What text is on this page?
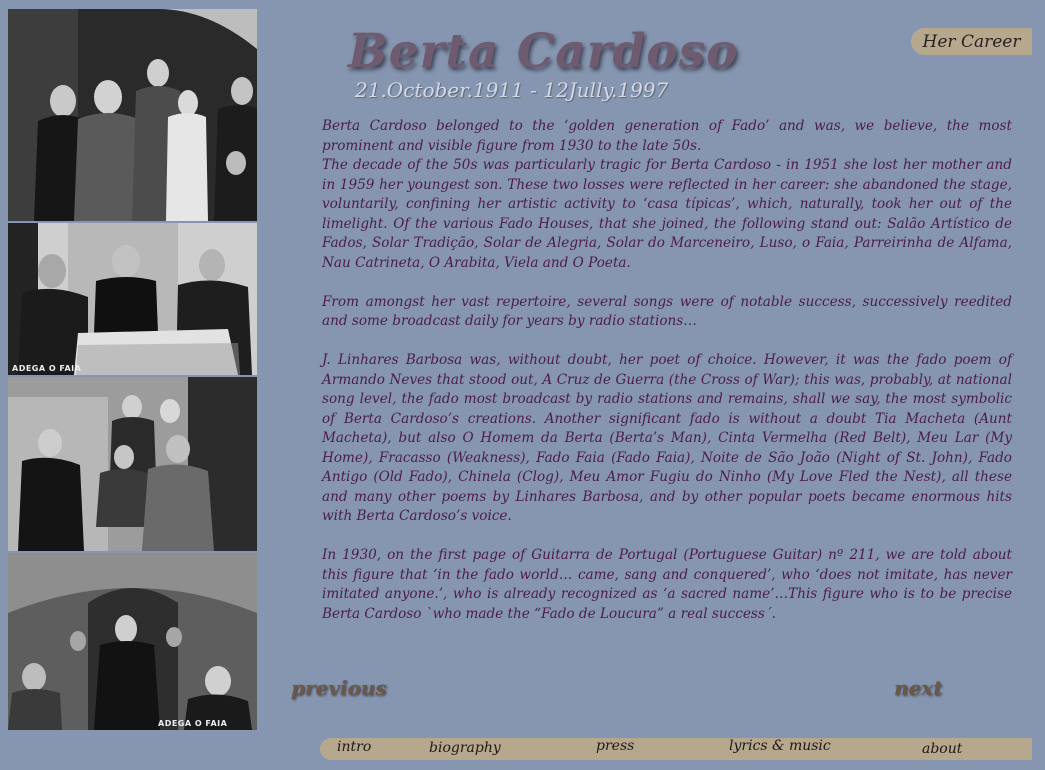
ADEGA O FAIA
ADEGA O FAIA
Berta Cardoso
21.October.1911 - 12Jully.1997
Her Career

Berta Cardoso belonged to the ‘golden generation of Fado’ and was, we believe, the most prominent and visible figure from 1930 to the late 50s.
The decade of the 50s was particularly tragic for Berta Cardoso - in 1951 she lost her mother and in 1959 her youngest son. These two losses were reflected in her career: she abandoned the stage, voluntarily, confining her artistic activity to ‘casa típicas’, which, naturally, took her out of the limelight. Of the various Fado Houses, that she joined, the following stand out: Salão Artístico de Fados, Solar Tradição, Solar de Alegria, Solar do Marceneiro, Luso, o Faia, Parreirinha de Alfama, Nau Catrineta, O Arabita, Viela and O Poeta.

From amongst her vast repertoire, several songs were of notable success, successively reedited and some broadcast daily for years by radio stations…

J. Linhares Barbosa was, without doubt, her poet of choice. However, it was the fado poem of Armando Neves that stood out, A Cruz de Guerra (the Cross of War); this was, probably, at national song level, the fado most broadcast by radio stations and remains, shall we say, the most symbolic of Berta Cardoso’s creations. Another significant fado is without a doubt Tia Macheta (Aunt Macheta), but also O Homem da Berta (Berta’s Man), Cinta Vermelha (Red Belt), Meu Lar (My Home), Fracasso (Weakness), Fado Faia (Fado Faia), Noite de São João (Night of St. John), Fado Antigo (Old Fado), Chinela (Clog), Meu Amor Fugiu do Ninho (My Love Fled the Nest), all these and many other poems by Linhares Barbosa, and by other popular poets became enormous hits with Berta Cardoso’s voice.

In 1930, on the first page of Guitarra de Portugal (Portuguese Guitar) nº 211, we are told about this figure that ‘in the fado world… came, sang and conquered’, who ‘does not imitate, has never imitated anyone.’, who is already recognized as ‘a sacred name’…This figure who is to be precise Berta Cardoso `who made the “Fado de Loucura” a real success´.

previous	next
intro	biography	press	lyrics & music	about
